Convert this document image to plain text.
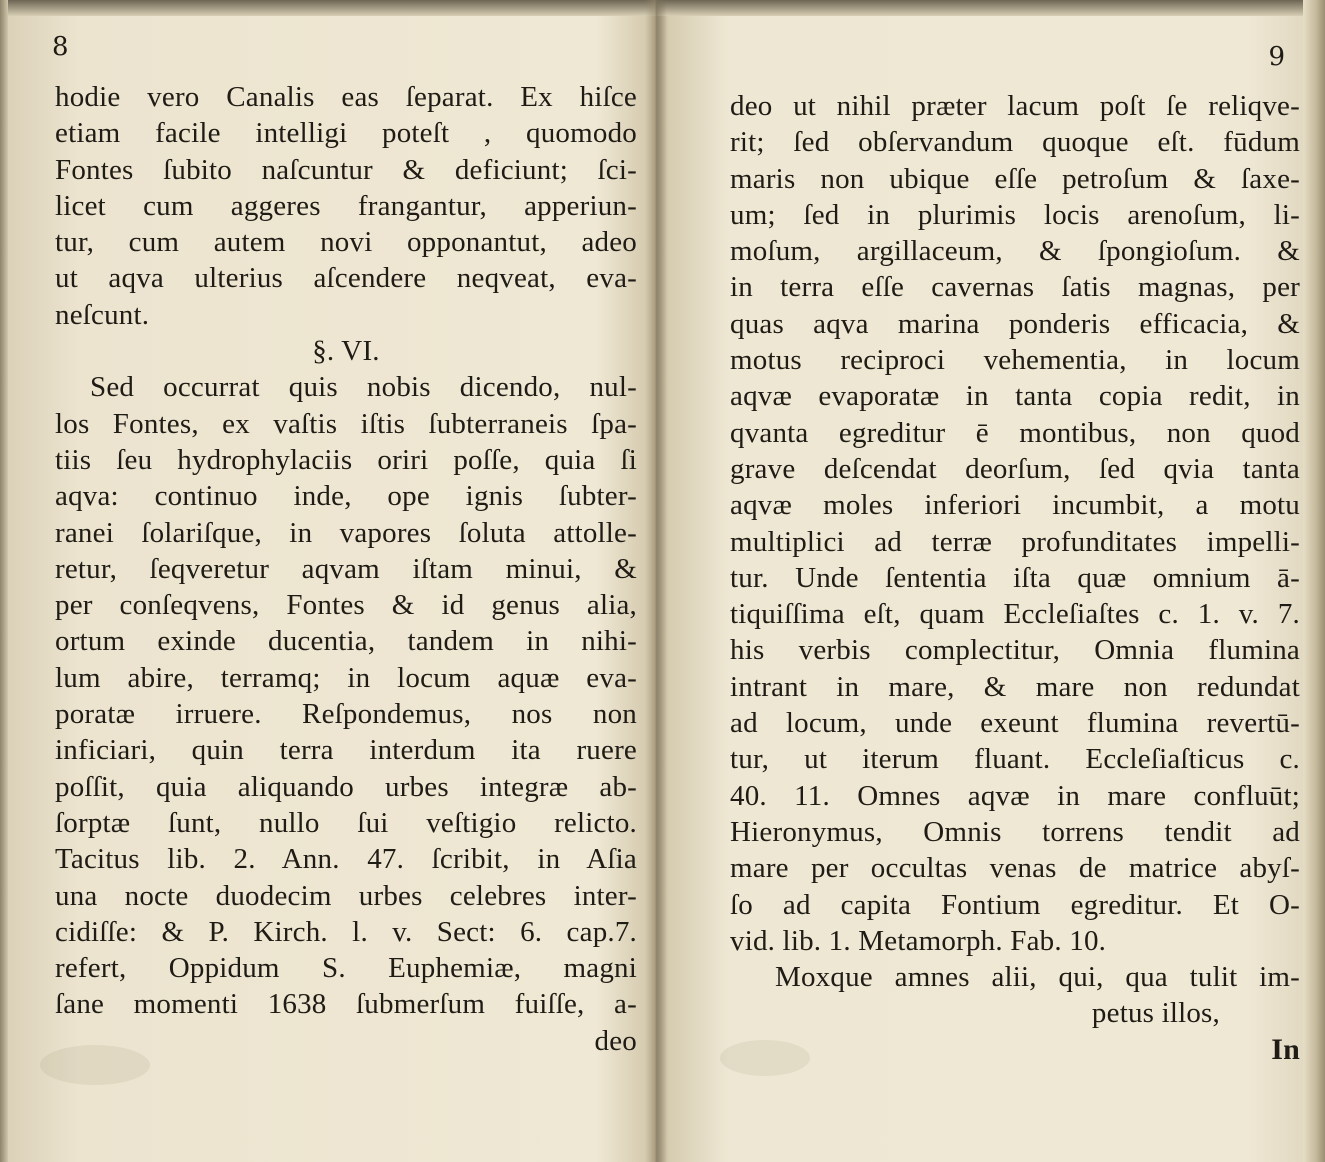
8
hodie vero Canalis eas ſeparat. Ex hiſce
etiam facile intelligi poteſt , quomodo
Fontes ſubito naſcuntur & deficiunt; ſci-
licet cum aggeres frangantur, apperiun-
tur, cum autem novi opponantut, adeo
ut aqva ulterius aſcendere neqveat, eva-
neſcunt.
§. VI.
Sed occurrat quis nobis dicendo, nul-
los Fontes, ex vaſtis iſtis ſubterraneis ſpa-
tiis ſeu hydrophylaciis oriri poſſe, quia ſi
aqva: continuo inde, ope ignis ſubter-
ranei ſolariſque, in vapores ſoluta attolle-
retur, ſeqveretur aqvam iſtam minui, &
per conſeqvens, Fontes & id genus alia,
ortum exinde ducentia, tandem in nihi-
lum abire, terramq; in locum aquæ eva-
poratæ irruere. Reſpondemus, nos non
inficiari, quin terra interdum ita ruere
poſſit, quia aliquando urbes integræ ab-
ſorptæ ſunt, nullo ſui veſtigio relicto.
Tacitus lib. 2. Ann. 47. ſcribit, in Aſia
una nocte duodecim urbes celebres inter-
cidiſſe: & P. Kirch. l. v. Sect: 6. cap.7.
refert, Oppidum S. Euphemiæ, magni
ſane momenti 1638 ſubmerſum fuiſſe, a-
deo
9
deo ut nihil præter lacum poſt ſe reliqve-
rit; ſed obſervandum quoque eſt. fūdum
maris non ubique eſſe petroſum & ſaxe-
um; ſed in plurimis locis arenoſum, li-
moſum, argillaceum, & ſpongioſum. &
in terra eſſe cavernas ſatis magnas, per
quas aqva marina ponderis efficacia, &
motus reciproci vehementia, in locum
aqvæ evaporatæ in tanta copia redit, in
qvanta egreditur ē montibus, non quod
grave deſcendat deorſum, ſed qvia tanta
aqvæ moles inferiori incumbit, a motu
multiplici ad terræ profunditates impelli-
tur. Unde ſententia iſta quæ omnium ā-
tiquiſſima eſt, quam Eccleſiaſtes c. 1. v. 7.
his verbis complectitur, Omnia flumina
intrant in mare, & mare non redundat
ad locum, unde exeunt flumina revertū-
tur, ut iterum fluant. Eccleſiaſticus c.
40. 11. Omnes aqvæ in mare confluūt;
Hieronymus, Omnis torrens tendit ad
mare per occultas venas de matrice abyſ-
ſo ad capita Fontium egreditur. Et O-
vid. lib. 1. Metamorph. Fab. 10.
Moxque amnes alii, qui, qua tulit im-
petus illos,
In
